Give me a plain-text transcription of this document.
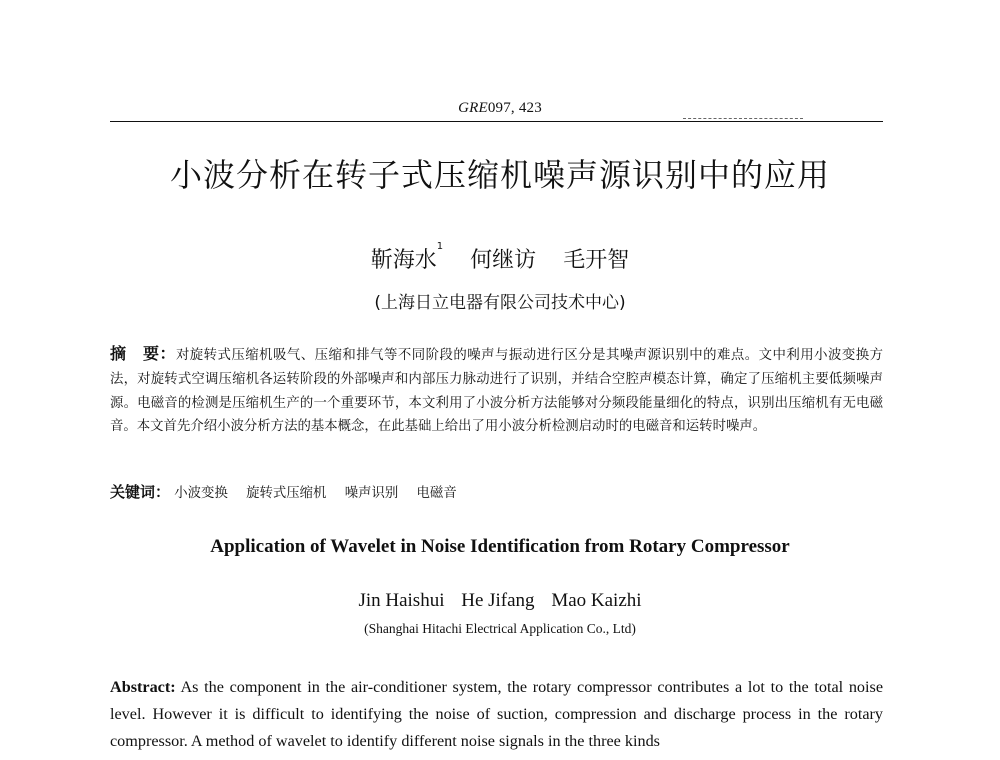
GRE097, 423
小波分析在转子式压缩机噪声源识别中的应用
靳海水$^1$ 何继访 毛开智
(上海日立电器有限公司技术中心)
摘　要：对旋转式压缩机吸气、压缩和排气等不同阶段的噪声与振动进行区分是其噪声源识别中的难点。文中利用小波变换方法，对旋转式空调压缩机各运转阶段的外部噪声和内部压力脉动进行了识别，并结合空腔声模态计算，确定了压缩机主要低频噪声源。电磁音的检测是压缩机生产的一个重要环节，本文利用了小波分析方法能够对分频段能量细化的特点，识别出压缩机有无电磁音。本文首先介绍小波分析方法的基本概念，在此基础上给出了用小波分析检测启动时的电磁音和运转时噪声。
关键词： 小波变换 旋转式压缩机 噪声识别 电磁音
Application of Wavelet in Noise Identification from Rotary Compressor
Jin Haishui He Jifang Mao Kaizhi
(Shanghai Hitachi Electrical Application Co., Ltd)
Abstract: As the component in the air-conditioner system, the rotary compressor contributes a lot to the total noise level. However it is difficult to identifying the noise of suction, compression and discharge process in the rotary compressor. A method of wavelet to identify different noise signals in the three kinds
